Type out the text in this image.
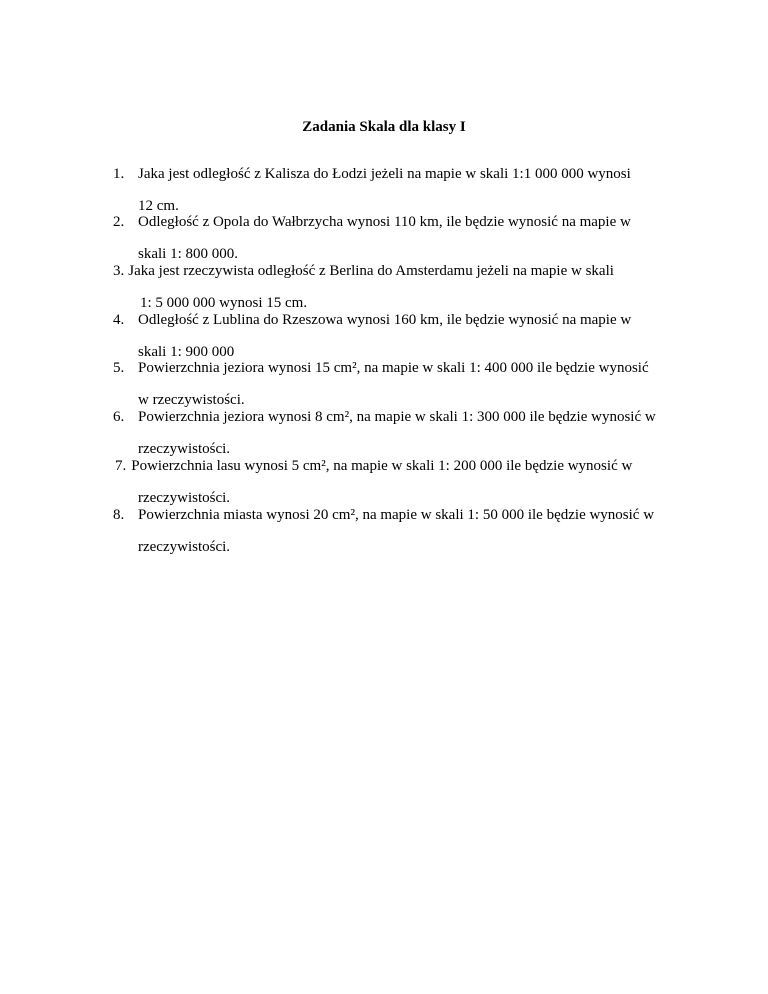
Zadania Skala dla klasy I
1. Jaka jest odległość z Kalisza do Łodzi jeżeli na mapie w skali 1:1 000 000 wynosi
12 cm.
2. Odległość z Opola do Wałbrzycha wynosi 110 km, ile będzie wynosić na mapie w
skali 1: 800 000.
3. Jaka jest rzeczywista odległość z Berlina do Amsterdamu jeżeli na mapie w skali
1: 5 000 000 wynosi 15 cm.
4. Odległość z Lublina do Rzeszowa wynosi 160 km, ile będzie wynosić na mapie w
skali 1: 900 000
5. Powierzchnia jeziora wynosi 15 cm², na mapie w skali 1: 400 000 ile będzie wynosić
w rzeczywistości.
6. Powierzchnia jeziora wynosi 8 cm², na mapie w skali 1: 300 000 ile będzie wynosić w
rzeczywistości.
7. Powierzchnia lasu wynosi 5 cm², na mapie w skali 1: 200 000 ile będzie wynosić w
rzeczywistości.
8. Powierzchnia miasta wynosi 20 cm², na mapie w skali 1: 50 000 ile będzie wynosić w
rzeczywistości.
